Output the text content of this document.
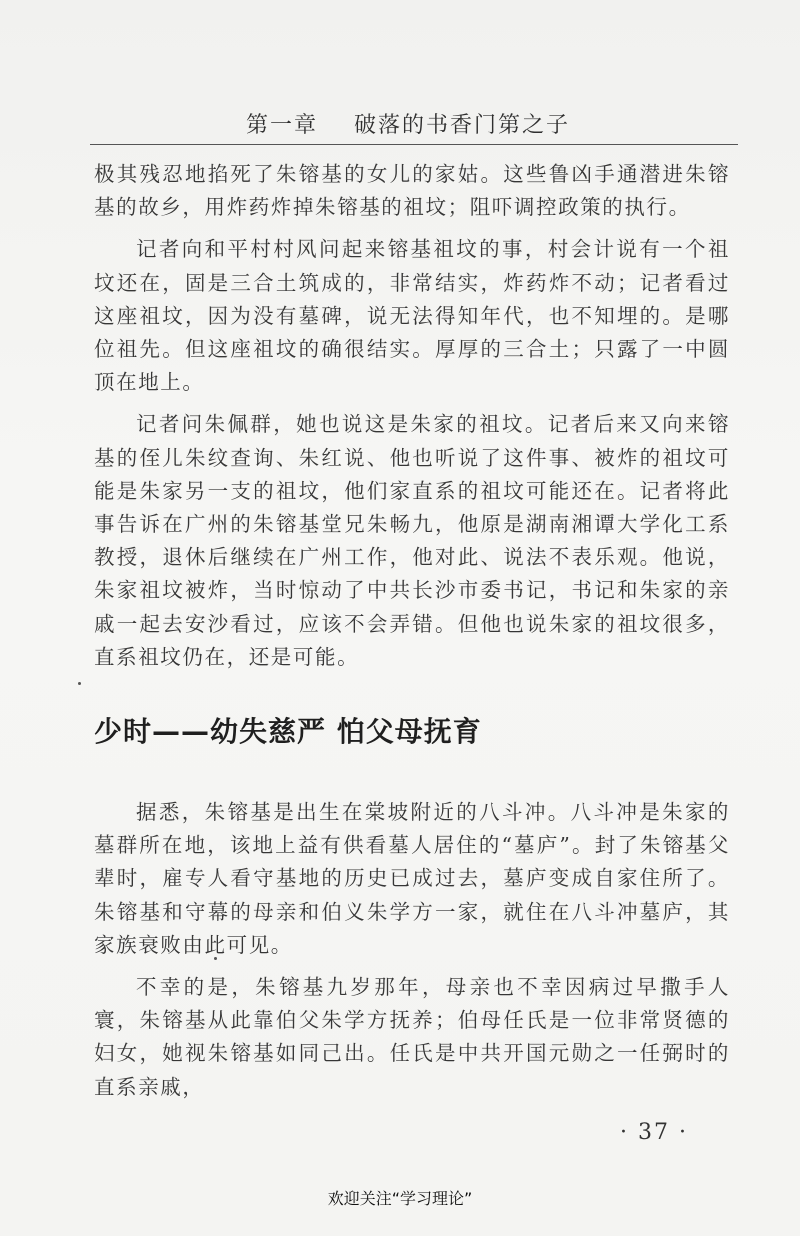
第一章 破落的书香门第之子

极其残忍地掐死了朱镕基的女儿的家姑。这些鲁凶手通潜进朱镕基的故乡，用炸药炸掉朱镕基的祖坟；阻吓调控政策的执行。

记者向和平村村风问起来镕基祖坟的事，村会计说有一个祖坟还在，固是三合土筑成的，非常结实，炸药炸不动；记者看过这座祖坟，因为没有墓碑，说无法得知年代，也不知埋的。是哪位祖先。但这座祖坟的确很结实。厚厚的三合土；只露了一中圆顶在地上。

记者问朱佩群，她也说这是朱家的祖坟。记者后来又向来镕基的侄儿朱纹查询、朱红说、他也听说了这件事、被炸的祖坟可能是朱家另一支的祖坟，他们家直系的祖坟可能还在。记者将此事告诉在广州的朱镕基堂兄朱畅九，他原是湖南湘谭大学化工系教授，退休后继续在广州工作，他对此、说法不表乐观。他说，朱家祖坟被炸，当时惊动了中共长沙市委书记，书记和朱家的亲戚一起去安沙看过，应该不会弄错。但他也说朱家的祖坟很多，直系祖坟仍在，还是可能。

少时——幼失慈严 怕父母抚育

据悉，朱镕基是出生在棠坡附近的八斗冲。八斗冲是朱家的墓群所在地，该地上益有供看墓人居住的“墓庐”。封了朱镕基父辈时，雇专人看守基地的历史已成过去，墓庐变成自家住所了。朱镕基和守幕的母亲和伯义朱学方一家，就住在八斗冲墓庐，其家族衰败由此可见。

不幸的是，朱镕基九岁那年，母亲也不幸因病过早撒手人寰，朱镕基从此靠伯父朱学方抚养；伯母任氏是一位非常贤德的妇女，她视朱镕基如同己出。任氏是中共开国元勋之一任弼时的直系亲戚，

· 37 ·
欢迎关注“学习理论”
